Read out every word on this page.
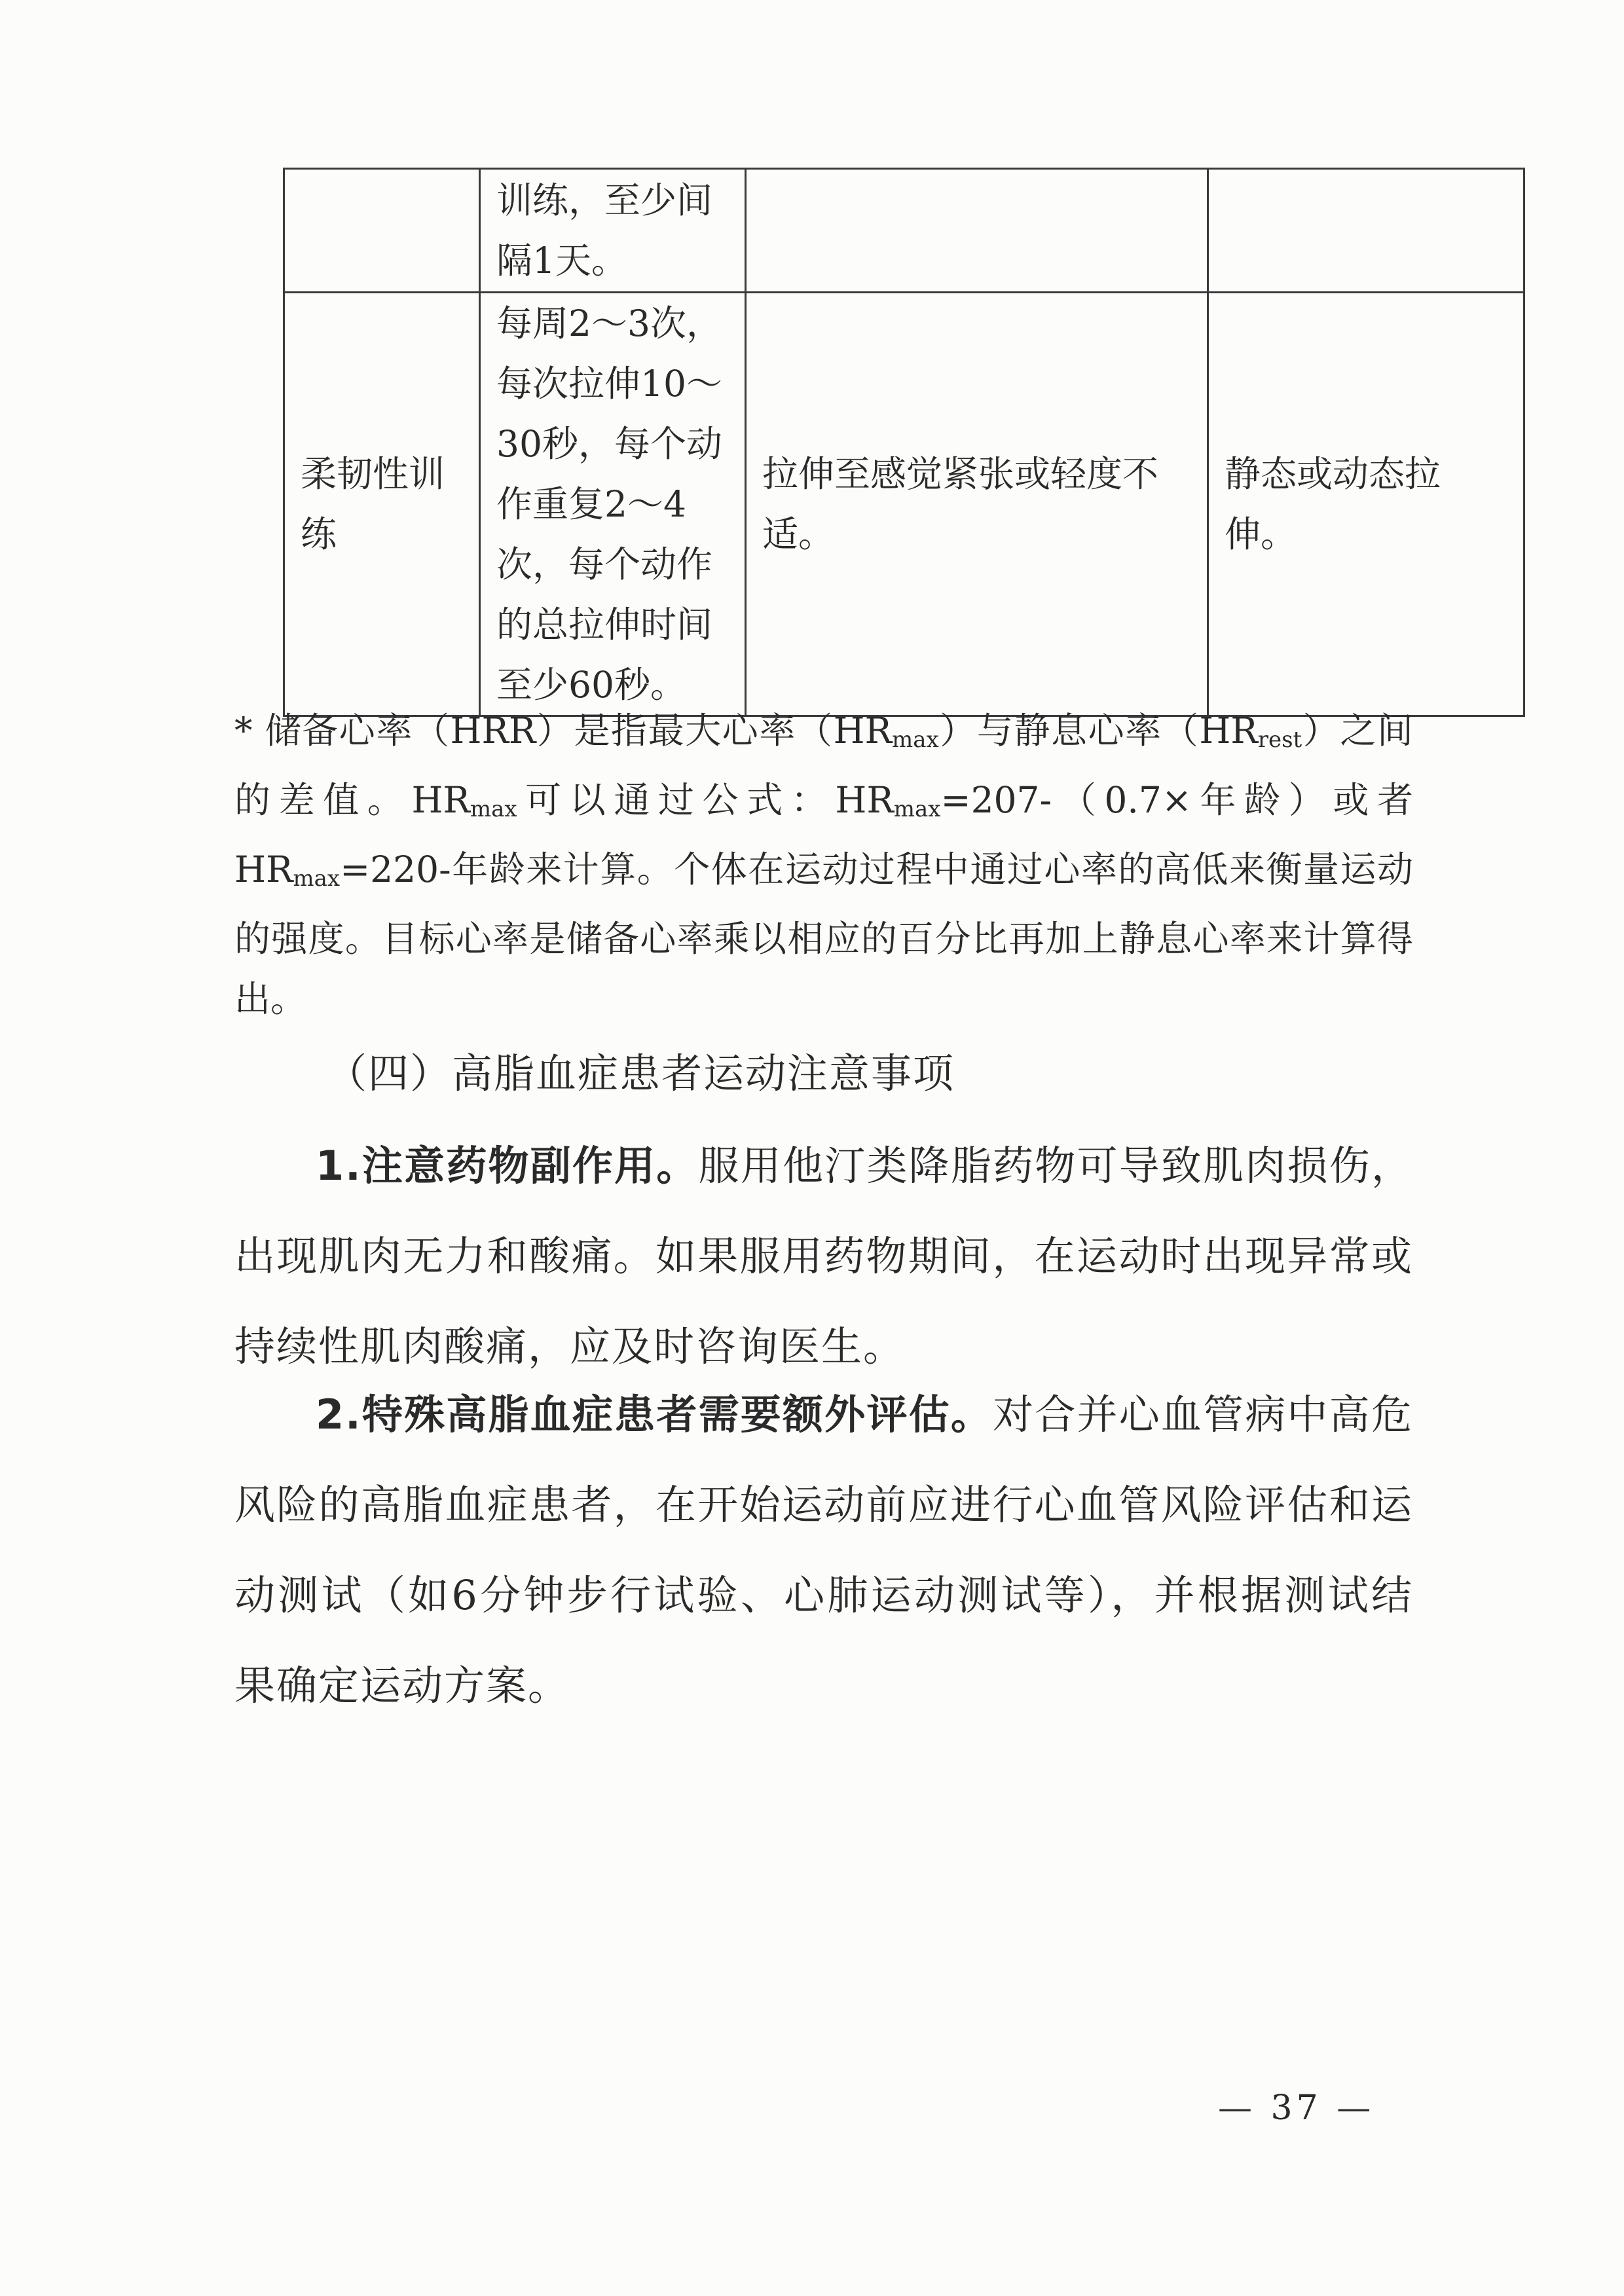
	训练，至少间隔1天。		
柔韧性训练	每周2～3次，每次拉伸10～30秒，每个动作重复2～4次，每个动作的总拉伸时间至少60秒。	拉伸至感觉紧张或轻度不适。	静态或动态拉伸。

* 储备心率（HRR）是指最大心率$(HR_{max})$与静息心率$(HR_{rest})$之间的差值。$HR_{max}$可以通过公式：$HR_{max}=207-(0.7\times$年龄）或者$HR_{max}=220-$年龄来计算。个体在运动过程中通过心率的高低来衡量运动的强度。目标心率是储备心率乘以相应的百分比再加上静息心率来计算得出。

（四）高脂血症患者运动注意事项

1.注意药物副作用。服用他汀类降脂药物可导致肌肉损伤，出现肌肉无力和酸痛。如果服用药物期间，在运动时出现异常或持续性肌肉酸痛，应及时咨询医生。

2.特殊高脂血症患者需要额外评估。对合并心血管病中高危风险的高脂血症患者，在开始运动前应进行心血管风险评估和运动测试（如6分钟步行试验、心肺运动测试等），并根据测试结果确定运动方案。

— 37 —
